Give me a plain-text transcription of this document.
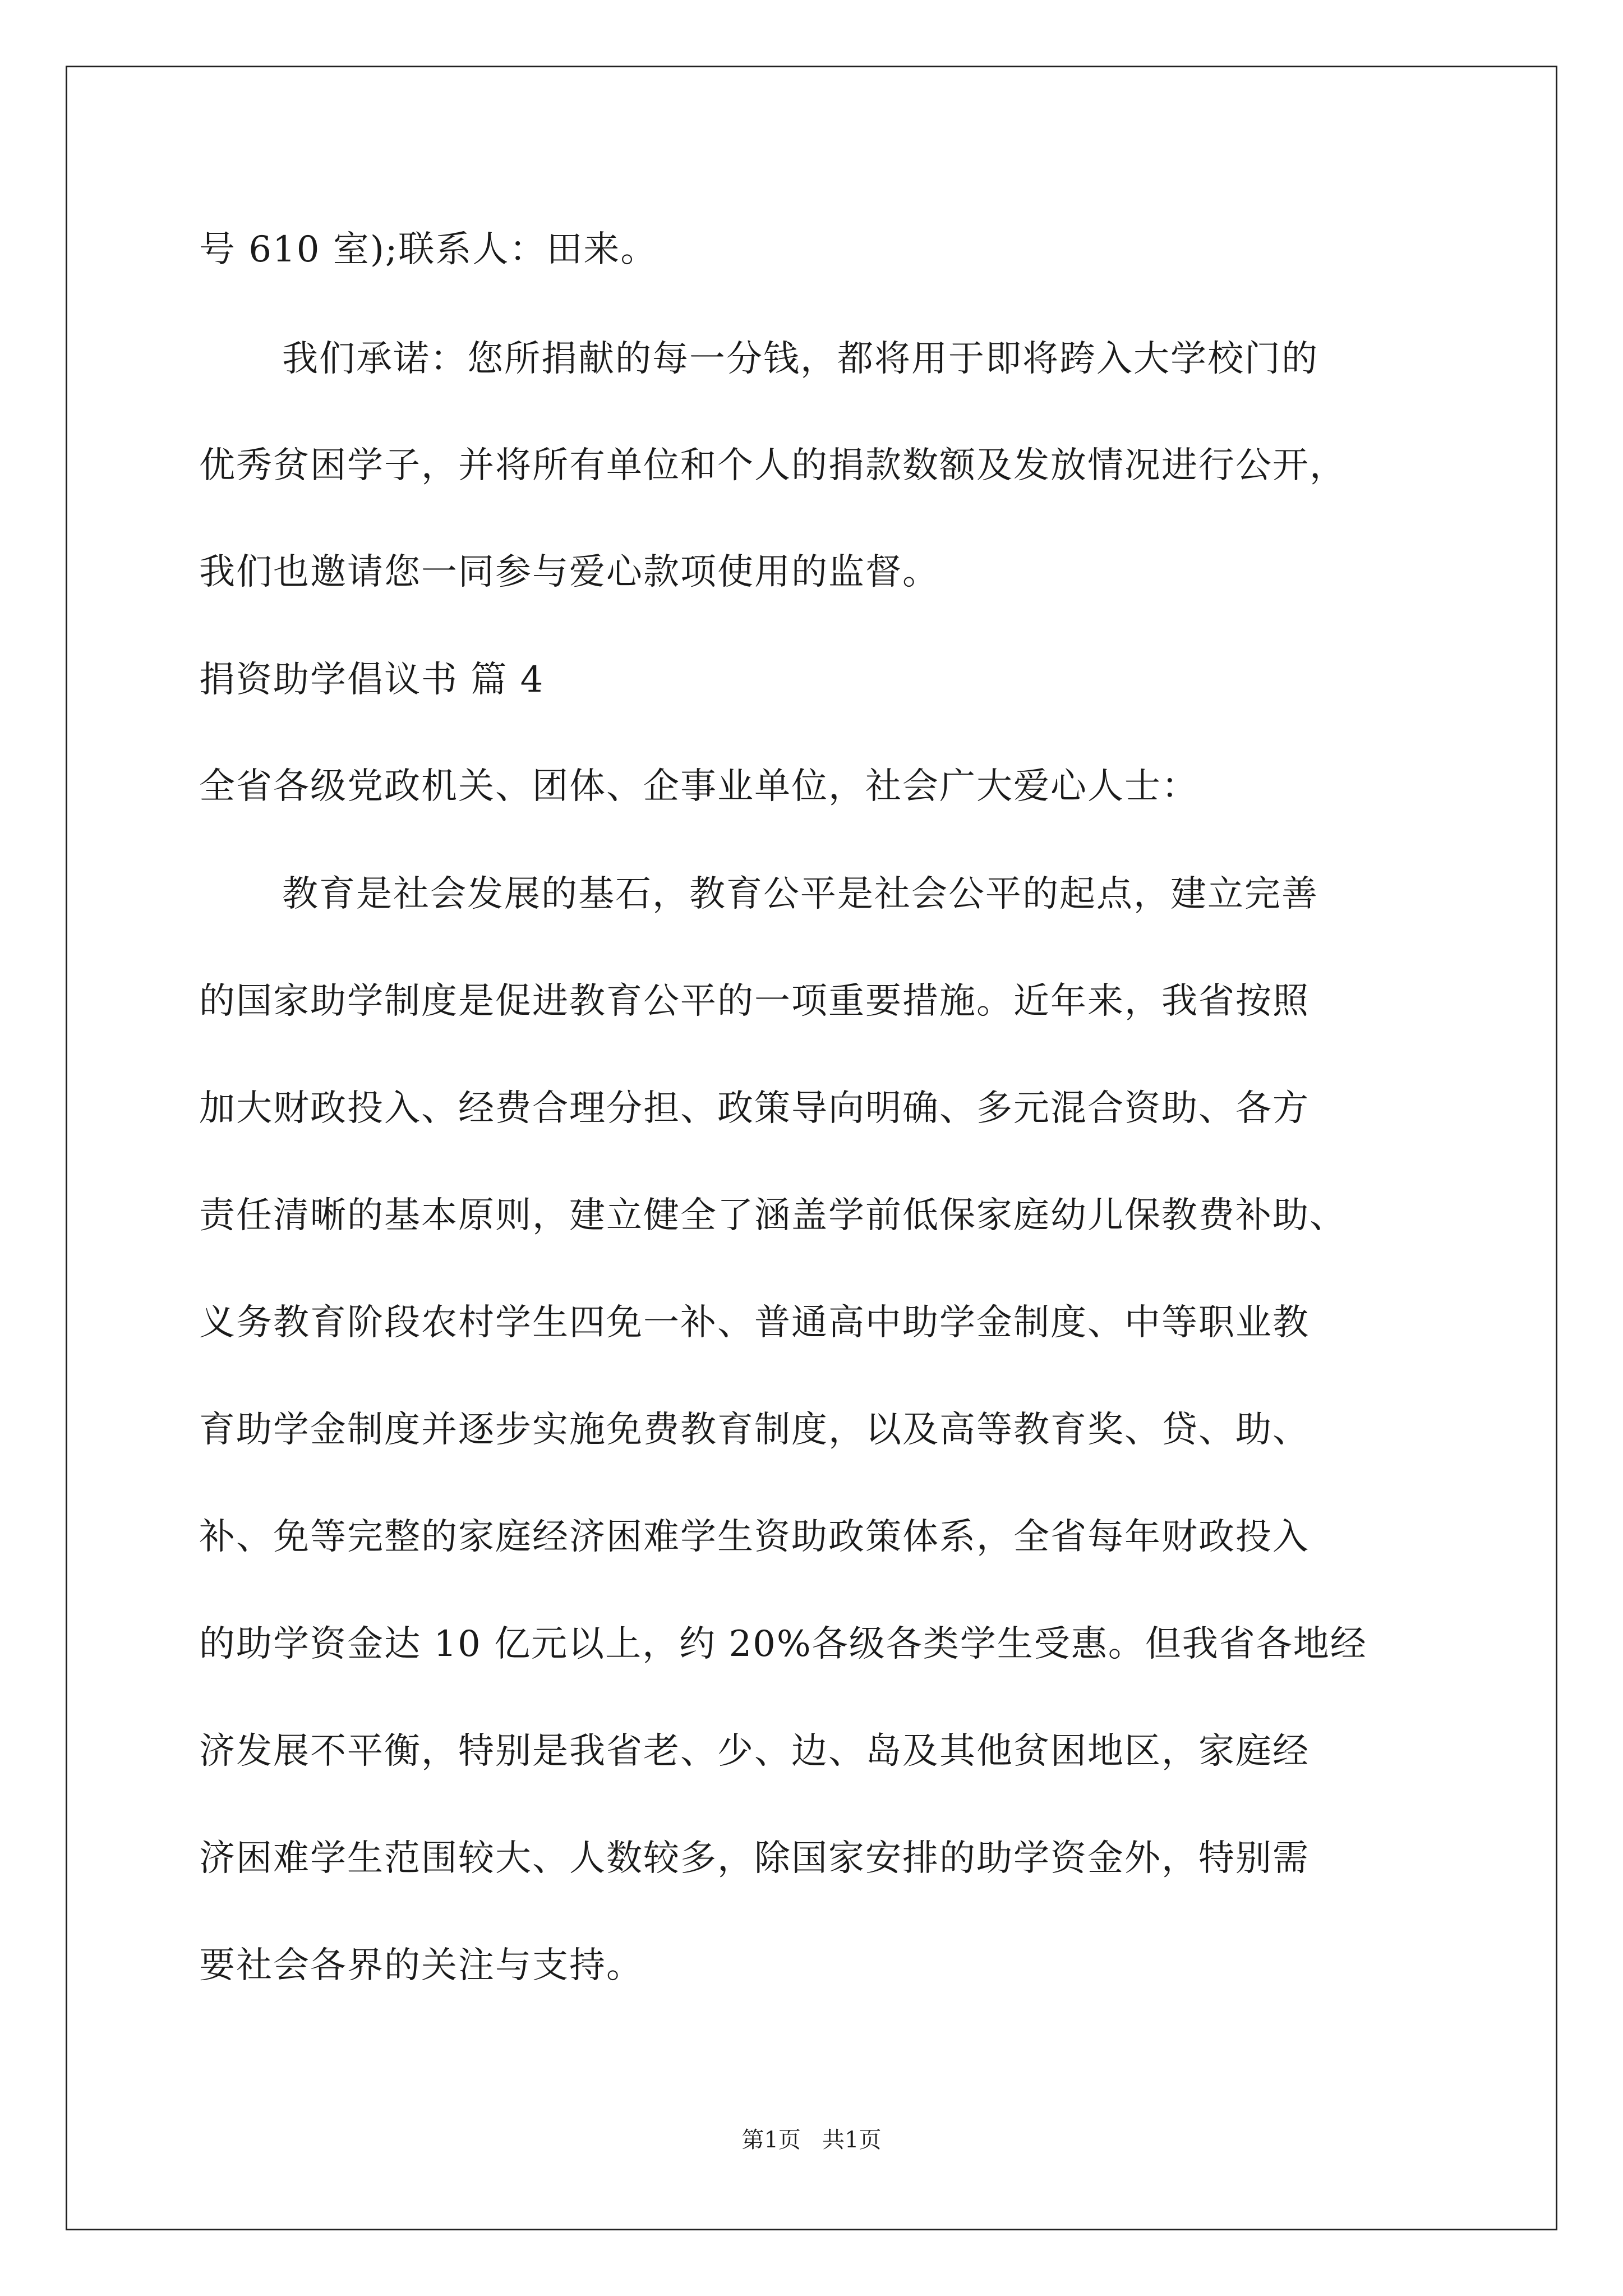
号 610 室);联系人：田来。
我们承诺：您所捐献的每一分钱，都将用于即将跨入大学校门的
优秀贫困学子，并将所有单位和个人的捐款数额及发放情况进行公开，
我们也邀请您一同参与爱心款项使用的监督。
捐资助学倡议书 篇 4
全省各级党政机关、团体、企事业单位，社会广大爱心人士：
教育是社会发展的基石，教育公平是社会公平的起点，建立完善
的国家助学制度是促进教育公平的一项重要措施。近年来，我省按照
加大财政投入、经费合理分担、政策导向明确、多元混合资助、各方
责任清晰的基本原则，建立健全了涵盖学前低保家庭幼儿保教费补助、
义务教育阶段农村学生四免一补、普通高中助学金制度、中等职业教
育助学金制度并逐步实施免费教育制度，以及高等教育奖、贷、助、
补、免等完整的家庭经济困难学生资助政策体系，全省每年财政投入
的助学资金达 10 亿元以上，约 20%各级各类学生受惠。但我省各地经
济发展不平衡，特别是我省老、少、边、岛及其他贫困地区，家庭经
济困难学生范围较大、人数较多，除国家安排的助学资金外，特别需
要社会各界的关注与支持。
第1页   共1页
